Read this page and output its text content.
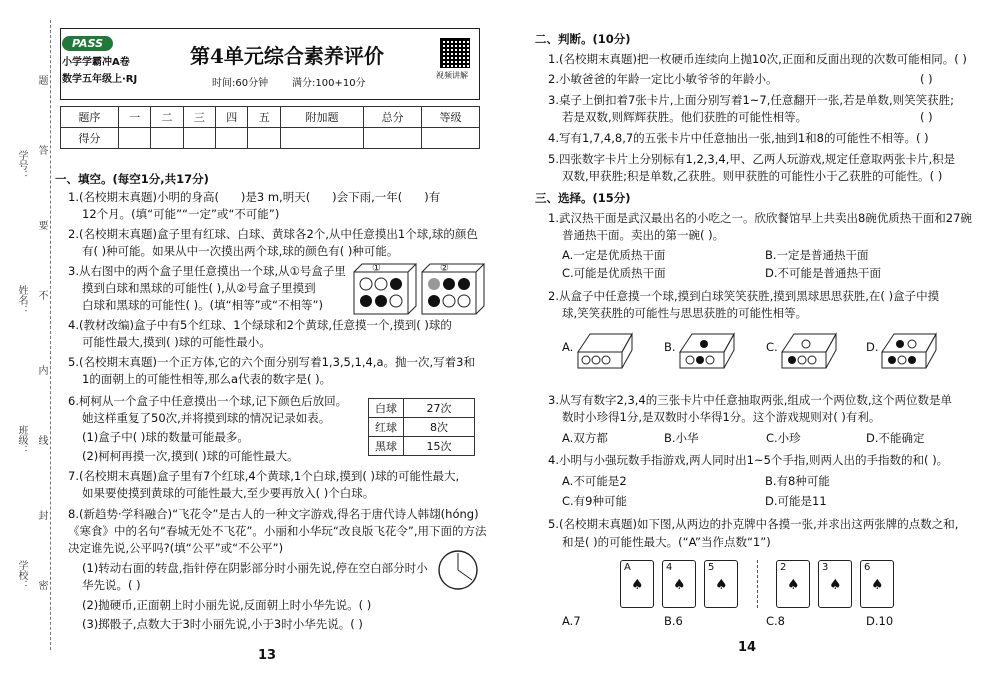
学号：
姓名：
班级：
学校：
题
答
要
不
内
线
封
密
PASS
小学学霸冲A卷
数学五年级上·RJ
第4单元综合素养评价
时间:60分钟 满分:100+10分
视频讲解
题序	一	二	三	四	五	附加题	总分	等级
得分								
一、填空。(每空1分,共17分)
1.(名校期末真题)小明的身高( )是3 m,明天( )会下雨,一年( )有
12个月。(填“可能”“一定”或“不可能”)
2.(名校期末真题)盒子里有红球、白球、黄球各2个,从中任意摸出1个球,球的颜色
有( )种可能。如果从中一次摸出两个球,球的颜色有( )种可能。
3.从右图中的两个盒子里任意摸出一个球,从①号盒子里
摸到白球和黑球的可能性( ),从②号盒子里摸到
白球和黑球的可能性( )。(填“相等”或“不相等”)
①	②
4.(教材改编)盒子中有5个红球、1个绿球和2个黄球,任意摸一个,摸到( )球的
可能性最大,摸到( )球的可能性最小。
5.(名校期末真题)一个正方体,它的六个面分别写着1,3,5,1,4,a。抛一次,写着3和
1的面朝上的可能性相等,那么a代表的数字是( )。
6.柯柯从一个盒子中任意摸出一个球,记下颜色后放回。
她这样重复了50次,并将摸到球的情况记录如表。
(1)盒子中( )球的数量可能最多。
(2)柯柯再摸一次,摸到( )球的可能性最大。
白球	27次
红球	8次
黑球	15次
7.(名校期末真题)盒子里有7个红球,4个黄球,1个白球,摸到( )球的可能性最大,
如果要使摸到黄球的可能性最大,至少要再放入( )个白球。
8.(新趋势·学科融合)“飞花令”是古人的一种文字游戏,得名于唐代诗人韩翃(hóng)
《寒食》中的名句“春城无处不飞花”。小丽和小华玩“改良版飞花令”,用下面的方法
决定谁先说,公平吗?(填“公平”或“不公平”)
(1)转动右面的转盘,指针停在阴影部分时小丽先说,停在空白部分时小
华先说。( )
(2)抛硬币,正面朝上时小丽先说,反面朝上时小华先说。( )
(3)掷骰子,点数大于3时小丽先说,小于3时小华先说。( )
13
二、判断。(10分)
1.(名校期末真题)把一枚硬币连续向上抛10次,正面和反面出现的次数可能相同。( )
2.小敏爸爸的年龄一定比小敏爷爷的年龄小。	( )
3.桌子上倒扣着7张卡片,上面分别写着1~7,任意翻开一张,若是单数,则笑笑获胜;
若是双数,则辉辉获胜。他们获胜的可能性相等。	( )
4.写有1,7,4,8,7的五张卡片中任意抽出一张,抽到1和8的可能性不相等。( )
5.四张数字卡片上分别标有1,2,3,4,甲、乙两人玩游戏,规定任意取两张卡片,积是
双数,甲获胜;积是单数,乙获胜。则甲获胜的可能性小于乙获胜的可能性。( )
三、选择。(15分)
1.武汉热干面是武汉最出名的小吃之一。欣欣餐馆早上共卖出8碗优质热干面和27碗
普通热干面。卖出的第一碗( )。
A.一定是优质热干面	B.一定是普通热干面
C.可能是优质热干面	D.不可能是普通热干面
2.从盒子中任意摸一个球,摸到白球笑笑获胜,摸到黑球思思获胜,在( )盒子中摸
球,笑笑获胜的可能性与思思获胜的可能性相等。
A.	B.	C.	D.
3.从写有数字2,3,4的三张卡片中任意抽取两张,组成一个两位数,这个两位数是单
数时小珍得1分,是双数时小华得1分。这个游戏规则对( )有利。
A.双方都	B.小华	C.小珍	D.不能确定
4.小明与小强玩数手指游戏,两人同时出1~5个手指,则两人出的手指数的和( )。
A.不可能是2	B.有8种可能
C.有9种可能	D.可能是11
5.(名校期末真题)如下图,从两边的扑克牌中各摸一张,并求出这两张牌的点数之和,
和是( )的可能性最大。(“A”当作点数“1”)
A
♠
4
♠
5
♠
2
♠
3
♠
6
♠
A.7	B.6	C.8	D.10
14
